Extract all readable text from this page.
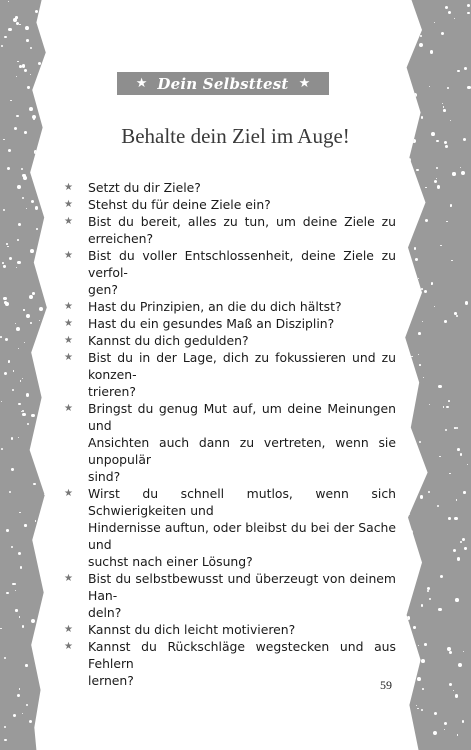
★ Dein Selbsttest ★
Behalte dein Ziel im Auge!
★	Setzt du dir Ziele?
★	Stehst du für deine Ziele ein?
★	Bist du bereit, alles zu tun, um deine Ziele zu erreichen?
★	Bist du voller Entschlossenheit, deine Ziele zu verfol-
gen?
★	Hast du Prinzipien, an die du dich hältst?
★	Hast du ein gesundes Maß an Disziplin?
★	Kannst du dich gedulden?
★	Bist du in der Lage, dich zu fokussieren und zu konzen-
trieren?
★	Bringst du genug Mut auf, um deine Meinungen und
Ansichten auch dann zu vertreten, wenn sie unpopulär
sind?
★	Wirst du schnell mutlos, wenn sich Schwierigkeiten und
Hindernisse auftun, oder bleibst du bei der Sache und
suchst nach einer Lösung?
★	Bist du selbstbewusst und überzeugt von deinem Han-
deln?
★	Kannst du dich leicht motivieren?
★	Kannst du Rückschläge wegstecken und aus Fehlern
lernen?	59
